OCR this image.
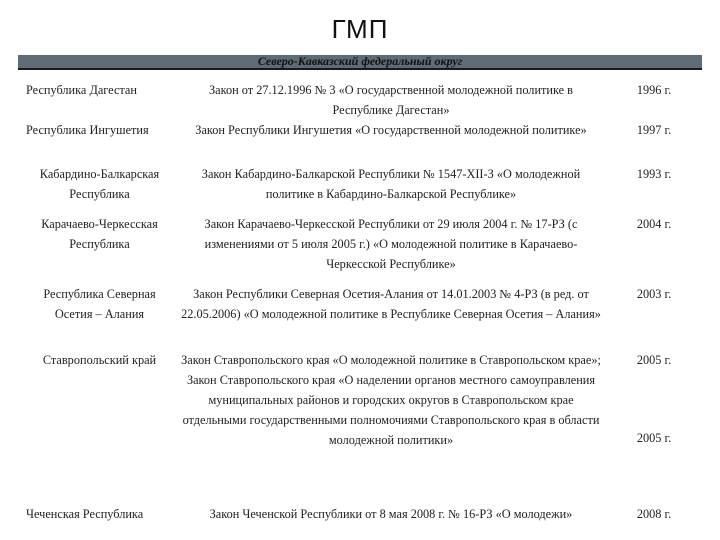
ГМП
Северо-Кавказский федеральный округ		
Республика Дагестан	Закон от 27.12.1996 № 3 «О государственной молодежной политике в Республике Дагестан»	1996 г.
Республика Ингушетия	Закон Республики Ингушетия «О государственной молодежной политике»	1997 г.
Кабардино-Балкарская Республика	Закон Кабардино-Балкарской Республики № 1547-XII-З «О молодежной политике в Кабардино-Балкарской Республике»	1993 г.
Карачаево-Черкесская Республика	Закон Карачаево-Черкесской Республики от 29 июля 2004 г. № 17-РЗ (с изменениями от 5 июля 2005 г.) «О молодежной политике в Карачаево-Черкесской Республике»	2004 г.
Республика Северная Осетия – Алания	Закон Республики Северная Осетия-Алания от 14.01.2003 № 4-РЗ (в ред. от 22.05.2006) «О молодежной политике в Республике Северная Осетия – Алания»	2003 г.
Ставропольский край	Закон Ставропольского края «О молодежной политике в Ставропольском крае»; Закон Ставропольского края «О наделении органов местного самоуправления муниципальных районов и городских округов в Ставропольском крае отдельными государственными полномочиями Ставропольского края в области молодежной политики»	2005 г.
2005 г.

Чеченская Республика	Закон Чеченской Республики от 8 мая 2008 г. № 16-РЗ «О молодежи»	2008 г.
